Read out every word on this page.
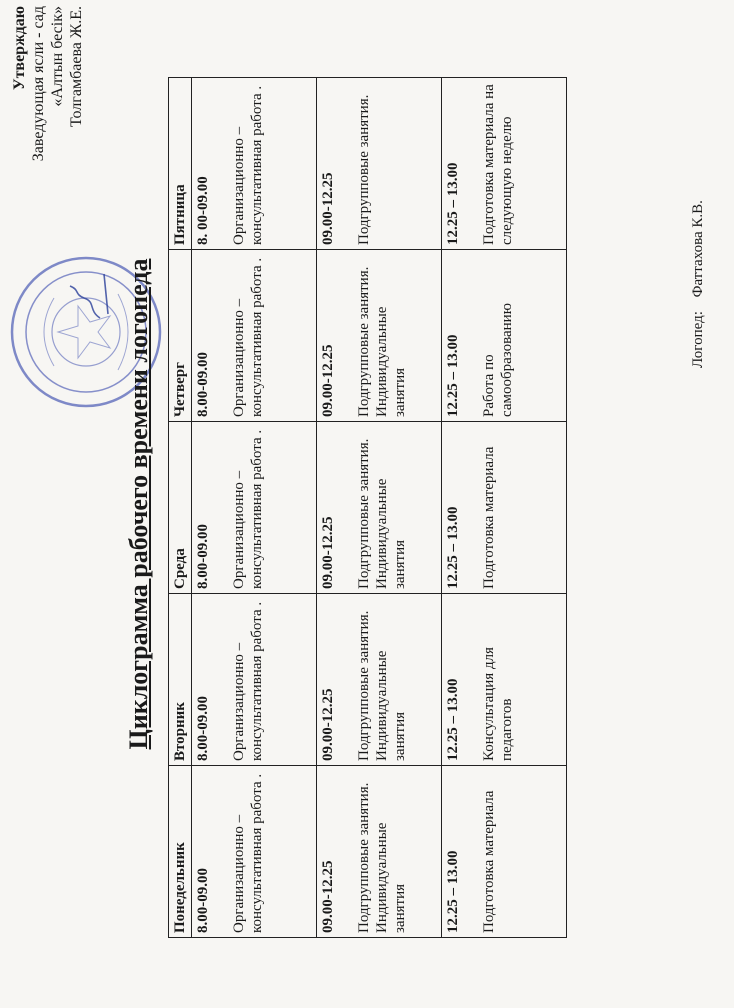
Утверждаю Заведующая ясли - сад «Алтын бесік» Толгамбаева Ж.Е.
Циклограмма рабочего времени логопеда
Понедельник	Вторник	Среда	Четверг	Пятница

8.00-09.00 Организационно – консультативная работа .	8.00-09.00 Организационно – консультативная работа .	8.00-09.00 Организационно – консультативная работа .	8.00-09.00 Организационно – консультативная работа .	8. 00-09.00 Организационно – консультативная работа .

09.00-12.25 Подгрупповые занятия. Индивидуальные занятия	09.00-12.25 Подгрупповые занятия. Индивидуальные занятия	09.00-12.25 Подгрупповые занятия. Индивидуальные занятия	09.00-12.25 Подгрупповые занятия. Индивидуальные занятия	09.00-12.25 Подгрупповые занятия.

12.25 – 13.00 Подготовка материала	12.25 – 13.00 Консультация для педагогов	12.25 – 13.00 Подготовка материала	12.25 – 13.00 Работа по самообразованию	12.25 – 13.00 Подготовка материала на следующую неделю
Логопед: Фаттахова К.В.
